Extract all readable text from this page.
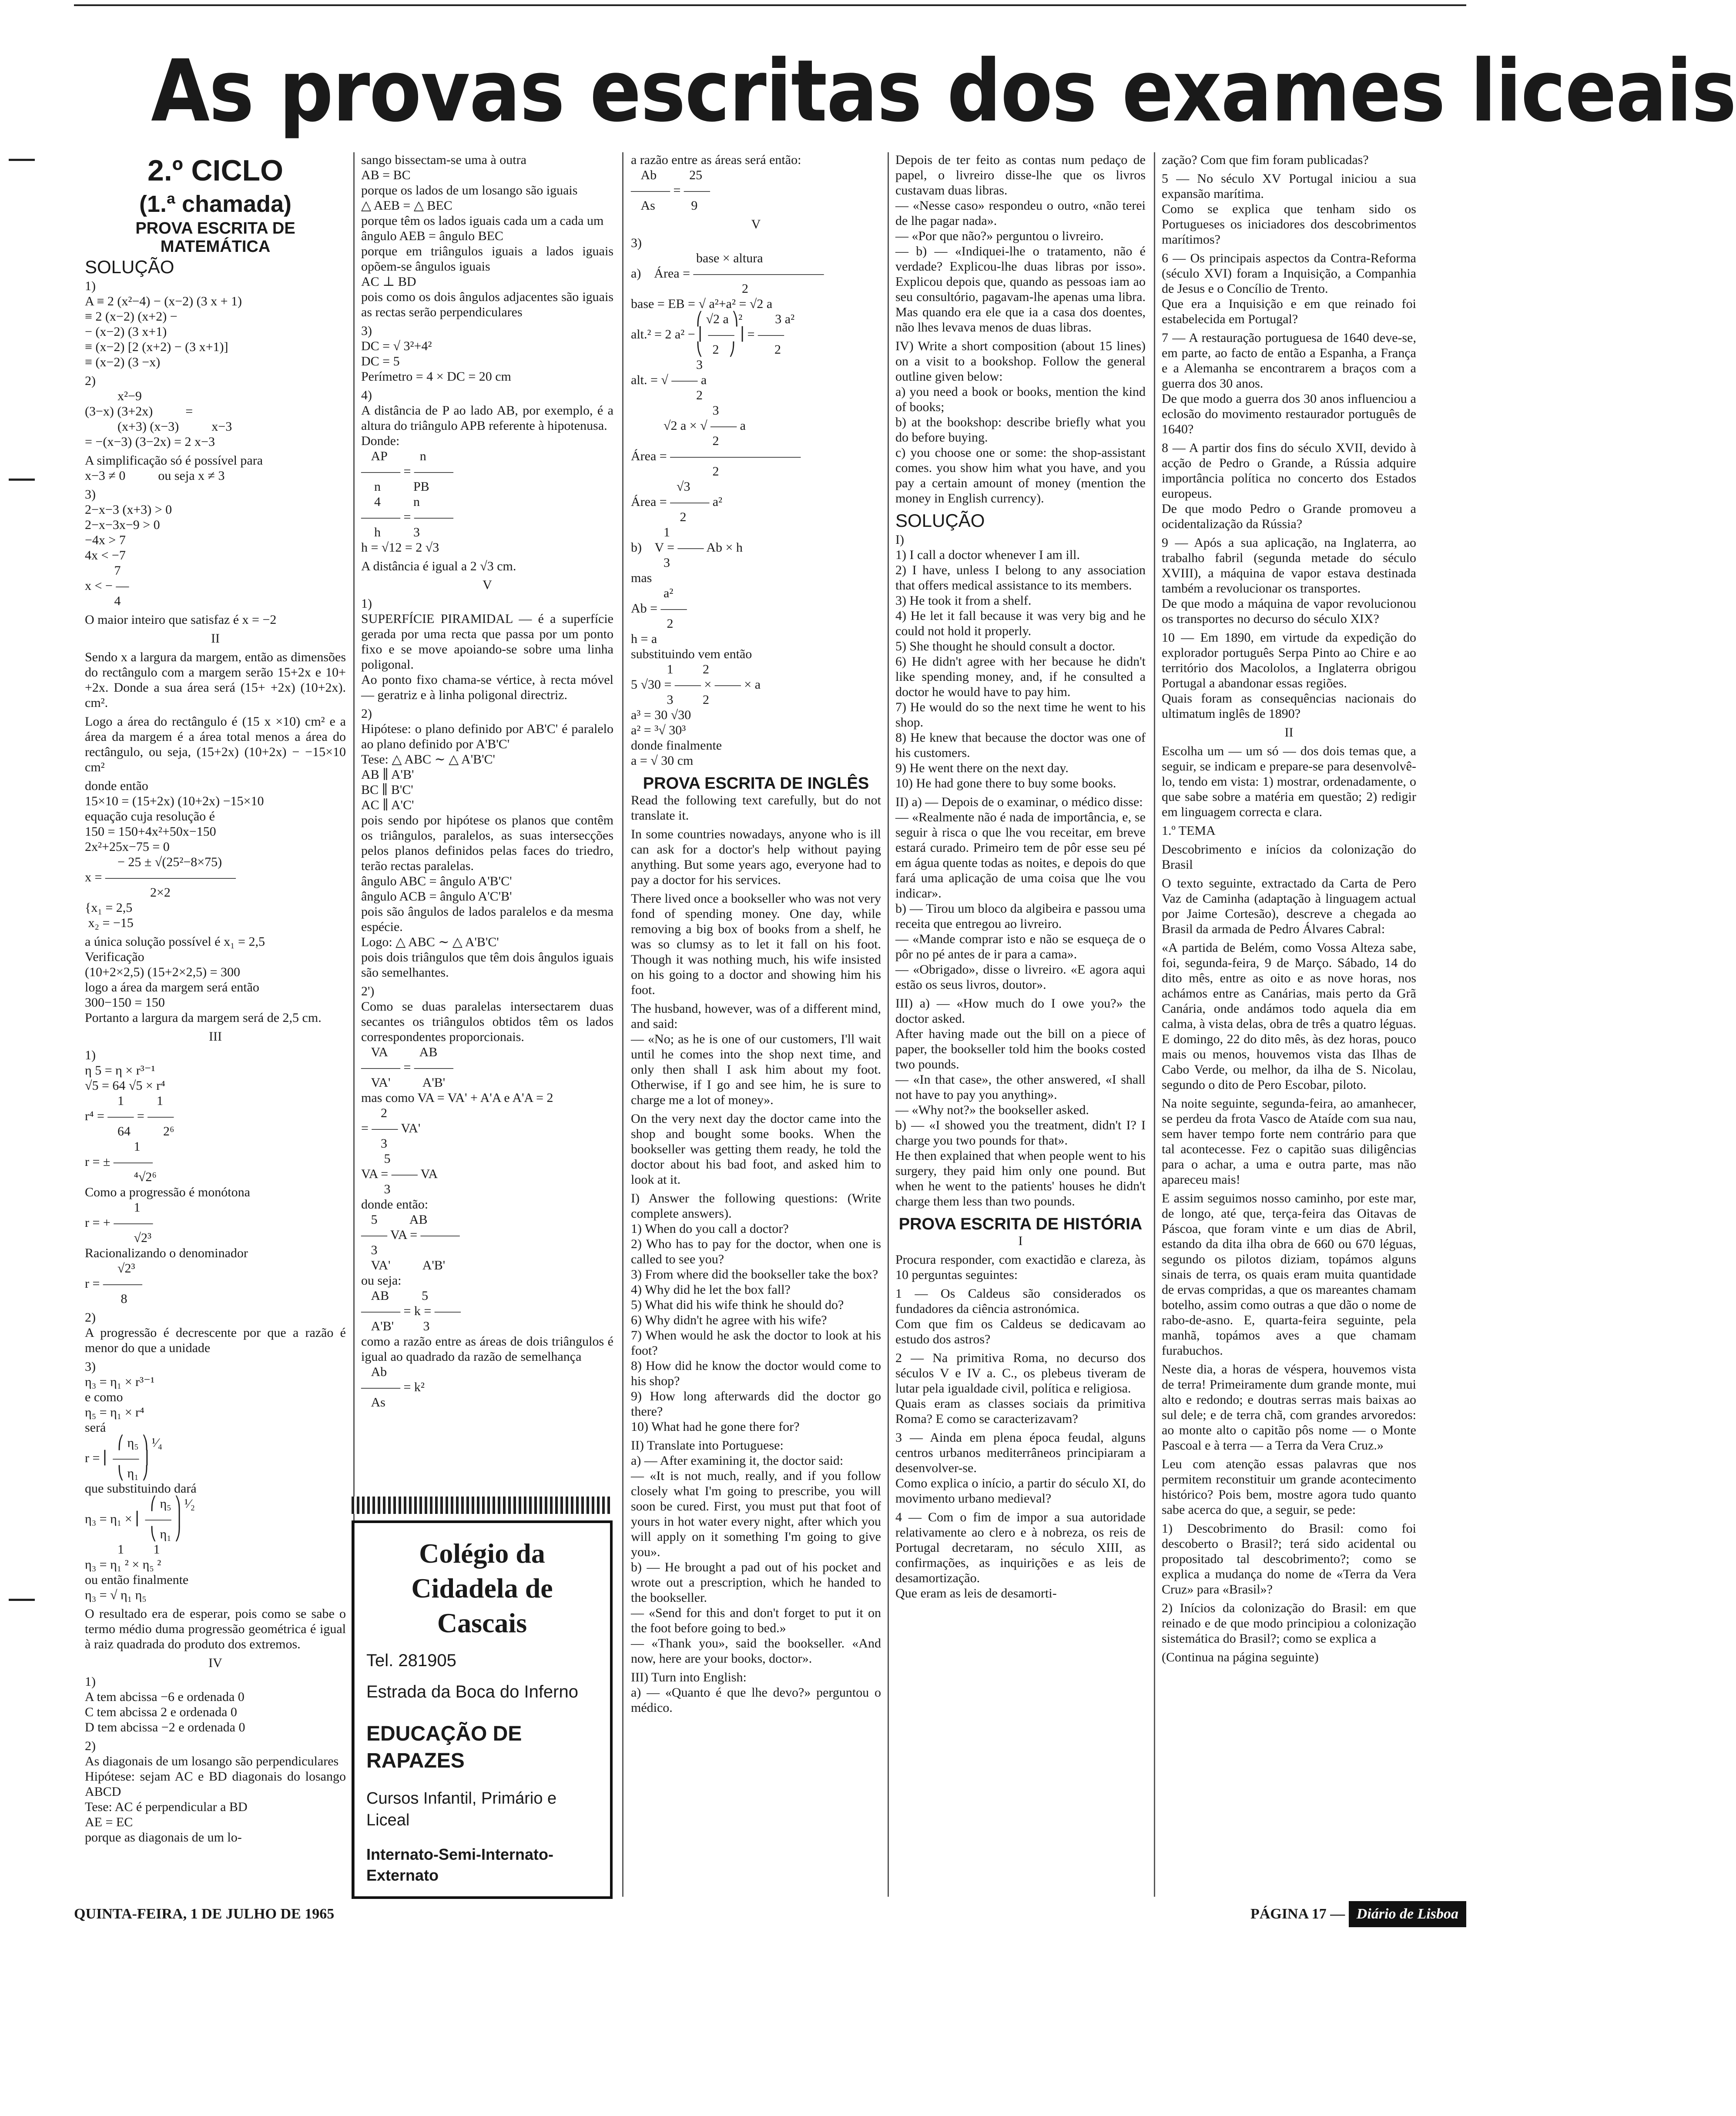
As provas escritas dos exames liceais
2.º CICLO
(1.ª chamada)
PROVA ESCRITA DE MATEMÁTICA
SOLUÇÃO
1)
A ≡ 2 (x²−4) − (x−2) (3 x + 1)
≡ 2 (x−2) (x+2) −
− (x−2) (3 x+1)
≡ (x−2) [2 (x+2) − (3 x+1)]
≡ (x−2) (3 −x)
2)
x²−9
(3−x) (3+2x)          =
(x+3) (x−3)          x−3
= −(x−3) (3−2x) = 2 x−3
A simplificação só é possível para
x−3 ≠ 0          ou seja x ≠ 3
3)
2−x−3 (x+3) > 0
2−x−3x−9 > 0
−4x > 7
4x < −7
7
x < − —
4
O maior inteiro que satisfaz é x = −2
II
Sendo x a largura da margem, então as dimensões do rectângulo com a margem serão 15+2x e 10+ +2x. Donde a sua área será (15+ +2x) (10+2x). cm².
Logo a área do rectângulo é (15 x ×10) cm² e a área da margem é a área total menos a área do rectângulo, ou seja, (15+2x) (10+2x) − −15×10 cm²
donde então
15×10 = (15+2x) (10+2x) −15×10
equação cuja resolução é
150 = 150+4x²+50x−150
2x²+25x−75 = 0
− 25 ± √(25²−8×75)
x = ——————————
2×2
{x₁ = 2,5
x₂ = −15
a única solução possível é x₁ = 2,5
Verificação
(10+2×2,5) (15+2×2,5) = 300
logo a área da margem será então
300−150 = 150
Portanto a largura da margem será de 2,5 cm.
III
1)
η 5 = η × r³⁻¹
√5 = 64 √5 × r⁴
1          1
r⁴ = —— = ——
64          2⁶
1
r = ± ———
⁴√2⁶
Como a progressão é monótona
1
r = + ———
√2³
Racionalizando o denominador
√2³
r = ———
8
2)
A progressão é decrescente por que a razão é menor do que a unidade
3)
η₃ = η₁ × r³⁻¹
e como
η₅ = η₁ × r⁴
será
⎛ η₅ ⎞ ¹⁄₄
r = ⎜ —— ⎟
⎝ η₁ ⎠
que substituindo dará
⎛ η₅ ⎞ ¹⁄₂
η₃ = η₁ × ⎜ —— ⎟
⎝ η₁ ⎠
1         1
η₃ = η₁ ² × η₅ ²
ou então finalmente
η₃ = √ η₁ η₅
O resultado era de esperar, pois como se sabe o termo médio duma progressão geométrica é igual à raiz quadrada do produto dos extremos.
IV
1)
A tem abcissa −6 e ordenada 0
C tem abcissa 2 e ordenada 0
D tem abcissa −2 e ordenada 0
2)
As diagonais de um losango são perpendiculares
Hipótese: sejam AC e BD diagonais do losango ABCD
Tese: AC é perpendicular a BD
AE = EC
porque as diagonais de um lo-
sango bissectam-se uma à outra
AB = BC
porque os lados de um losango são iguais
△ AEB = △ BEC
porque têm os lados iguais cada um a cada um
ângulo AEB = ângulo BEC
porque em triângulos iguais a lados iguais opõem-se ângulos iguais
AC ⊥ BD
pois como os dois ângulos adjacentes são iguais as rectas serão perpendiculares
3)
DC = √ 3²+4²
DC = 5
Perímetro = 4 × DC = 20 cm
4)
A distância de P ao lado AB, por exemplo, é a altura do triângulo APB referente à hipotenusa.
Donde:
AP          n
——— = ———
n          PB
4          n
——— = ———
h          3
h = √12 = 2 √3
A distância é igual a 2 √3 cm.
V
1)
SUPERFÍCIE PIRAMIDAL — é a superfície gerada por uma recta que passa por um ponto fixo e se move apoiando-se sobre uma linha poligonal.
Ao ponto fixo chama-se vértice, à recta móvel — geratriz e à linha poligonal directriz.
2)
Hipótese: o plano definido por AB'C' é paralelo ao plano definido por A'B'C'
Tese: △ ABC ∼ △ A'B'C'
AB ∥ A'B'
BC ∥ B'C'
AC ∥ A'C'
pois sendo por hipótese os planos que contêm os triângulos, paralelos, as suas intersecções pelos planos definidos pelas faces do triedro, terão rectas paralelas.
ângulo ABC = ângulo A'B'C'
ângulo ACB = ângulo A'C'B'
pois são ângulos de lados paralelos e da mesma espécie.
Logo: △ ABC ∼ △ A'B'C'
pois dois triângulos que têm dois ângulos iguais são semelhantes.
2')
Como se duas paralelas intersectarem duas secantes os triângulos obtidos têm os lados correspondentes proporcionais.
VA          AB
——— = ———
VA'          A'B'
mas como VA = VA' + A'A e A'A = 2
2
= —— VA'
3
5
VA = —— VA
3
donde então:
5          AB
—— VA = ———
3
VA'          A'B'
ou seja:
AB          5
——— = k = ——
A'B'         3
como a razão entre as áreas de dois triângulos é igual ao quadrado da razão de semelhança
Ab
——— = k²
As
Colégio da Cidadela de Cascais
Tel. 281905
Estrada da Boca do Inferno
EDUCAÇÃO DE RAPAZES
Cursos Infantil, Primário e Liceal
Internato-Semi-Internato-Externato
a razão entre as áreas será então:
Ab          25
——— = ——
As           9
V
3)
base × altura
a)    Área = ——————————
2
base = EB = √ a²+a² = √2 a
⎛ √2 a ⎞²          3 a²
alt.² = 2 a² − ⎜ —— ⎟ = ——
⎝   2   ⎠            2
3
alt. = √ —— a
2
3
√2 a × √ —— a
2
Área = ——————————
2
√3
Área = ——— a²
2
1
b)    V = —— Ab × h
3
mas
a²
Ab = ——
2
h = a
substituindo vem então
1         2
5 √30 = —— × —— × a
3         2
a³ = 30 √30
a² = ³√ 30³
donde finalmente
a = √ 30 cm
PROVA ESCRITA DE INGLÊS
Read the following text carefully, but do not translate it.
In some countries nowadays, anyone who is ill can ask for a doctor's help without paying anything. But some years ago, everyone had to pay a doctor for his services.
There lived once a bookseller who was not very fond of spending money. One day, while removing a big box of books from a shelf, he was so clumsy as to let it fall on his foot. Though it was nothing much, his wife insisted on his going to a doctor and showing him his foot.
The husband, however, was of a different mind, and said:
— «No; as he is one of our customers, I'll wait until he comes into the shop next time, and only then shall I ask him about my foot. Otherwise, if I go and see him, he is sure to charge me a lot of money».
On the very next day the doctor came into the shop and bought some books. When the bookseller was getting them ready, he told the doctor about his bad foot, and asked him to look at it.
I) Answer the following questions: (Write complete answers).
1) When do you call a doctor?
2) Who has to pay for the doctor, when one is called to see you?
3) From where did the bookseller take the box?
4) Why did he let the box fall?
5) What did his wife think he should do?
6) Why didn't he agree with his wife?
7) When would he ask the doctor to look at his foot?
8) How did he know the doctor would come to his shop?
9) How long afterwards did the doctor go there?
10) What had he gone there for?
II) Translate into Portuguese:
a) — After examining it, the doctor said:
— «It is not much, really, and if you follow closely what I'm going to prescribe, you will soon be cured. First, you must put that foot of yours in hot water every night, after which you will apply on it something I'm going to give you».
b) — He brought a pad out of his pocket and wrote out a prescription, which he handed to the bookseller.
— «Send for this and don't forget to put it on the foot before going to bed.»
— «Thank you», said the bookseller. «And now, here are your books, doctor».
III) Turn into English:
a) — «Quanto é que lhe devo?» perguntou o médico.
Depois de ter feito as contas num pedaço de papel, o livreiro disse-lhe que os livros custavam duas libras.
— «Nesse caso» respondeu o outro, «não terei de lhe pagar nada».
— «Por que não?» perguntou o livreiro.
— b) — «Indiquei-lhe o tratamento, não é verdade? Explicou-lhe duas libras por isso». Explicou depois que, quando as pessoas iam ao seu consultório, pagavam-lhe apenas uma libra. Mas quando era ele que ia a casa dos doentes, não lhes levava menos de duas libras.
IV) Write a short composition (about 15 lines) on a visit to a bookshop. Follow the general outline given below:
a) you need a book or books, mention the kind of books;
b) at the bookshop: describe briefly what you do before buying.
c) you choose one or some: the shop-assistant comes. you show him what you have, and you pay a certain amount of money (mention the money in English currency).
SOLUÇÃO
I)
1) I call a doctor whenever I am ill.
2) I have, unless I belong to any association that offers medical assistance to its members.
3) He took it from a shelf.
4) He let it fall because it was very big and he could not hold it properly.
5) She thought he should consult a doctor.
6) He didn't agree with her because he didn't like spending money, and, if he consulted a doctor he would have to pay him.
7) He would do so the next time he went to his shop.
8) He knew that because the doctor was one of his customers.
9) He went there on the next day.
10) He had gone there to buy some books.
II) a) — Depois de o examinar, o médico disse:
— «Realmente não é nada de importância, e, se seguir à risca o que lhe vou receitar, em breve estará curado. Primeiro tem de pôr esse seu pé em água quente todas as noites, e depois do que fará uma aplicação de uma coisa que lhe vou indicar».
b) — Tirou um bloco da algibeira e passou uma receita que entregou ao livreiro.
— «Mande comprar isto e não se esqueça de o pôr no pé antes de ir para a cama».
— «Obrigado», disse o livreiro. «E agora aqui estão os seus livros, doutor».
III) a) — «How much do I owe you?» the doctor asked.
After having made out the bill on a piece of paper, the bookseller told him the books costed two pounds.
— «In that case», the other answered, «I shall not have to pay you anything».
— «Why not?» the bookseller asked.
b) — «I showed you the treatment, didn't I? I charge you two pounds for that».
He then explained that when people went to his surgery, they paid him only one pound. But when he went to the patients' houses he didn't charge them less than two pounds.
PROVA ESCRITA DE HISTÓRIA
I
Procura responder, com exactidão e clareza, às 10 perguntas seguintes:
1 — Os Caldeus são considerados os fundadores da ciência astronómica.
Com que fim os Caldeus se dedicavam ao estudo dos astros?
2 — Na primitiva Roma, no decurso dos séculos V e IV a. C., os plebeus tiveram de lutar pela igualdade civil, política e religiosa.
Quais eram as classes sociais da primitiva Roma? E como se caracterizavam?
3 — Ainda em plena época feudal, alguns centros urbanos mediterrâneos principiaram a desenvolver-se.
Como explica o início, a partir do século XI, do movimento urbano medieval?
4 — Com o fim de impor a sua autoridade relativamente ao clero e à nobreza, os reis de Portugal decretaram, no século XIII, as confirmações, as inquirições e as leis de desamortização.
Que eram as leis de desamorti-
zação? Com que fim foram publicadas?
5 — No século XV Portugal iniciou a sua expansão marítima.
Como se explica que tenham sido os Portugueses os iniciadores dos descobrimentos marítimos?
6 — Os principais aspectos da Contra-Reforma (século XVI) foram a Inquisição, a Companhia de Jesus e o Concílio de Trento.
Que era a Inquisição e em que reinado foi estabelecida em Portugal?
7 — A restauração portuguesa de 1640 deve-se, em parte, ao facto de então a Espanha, a França e a Alemanha se encontrarem a braços com a guerra dos 30 anos.
De que modo a guerra dos 30 anos influenciou a eclosão do movimento restaurador português de 1640?
8 — A partir dos fins do século XVII, devido à acção de Pedro o Grande, a Rússia adquire importância política no concerto dos Estados europeus.
De que modo Pedro o Grande promoveu a ocidentalização da Rússia?
9 — Após a sua aplicação, na Inglaterra, ao trabalho fabril (segunda metade do século XVIII), a máquina de vapor estava destinada também a revolucionar os transportes.
De que modo a máquina de vapor revolucionou os transportes no decurso do século XIX?
10 — Em 1890, em virtude da expedição do explorador português Serpa Pinto ao Chire e ao território dos Macololos, a Inglaterra obrigou Portugal a abandonar essas regiões.
Quais foram as consequências nacionais do ultimatum inglês de 1890?
II
Escolha um — um só — dos dois temas que, a seguir, se indicam e prepare-se para desenvolvê-lo, tendo em vista: 1) mostrar, ordenadamente, o que sabe sobre a matéria em questão; 2) redigir em linguagem correcta e clara.
1.º TEMA
Descobrimento e inícios da colonização do Brasil
O texto seguinte, extractado da Carta de Pero Vaz de Caminha (adaptação à linguagem actual por Jaime Cortesão), descreve a chegada ao Brasil da armada de Pedro Álvares Cabral:
«A partida de Belém, como Vossa Alteza sabe, foi, segunda-feira, 9 de Março. Sábado, 14 do dito mês, entre as oito e as nove horas, nos achámos entre as Canárias, mais perto da Grã Canária, onde andámos todo aquela dia em calma, à vista delas, obra de três a quatro léguas. E domingo, 22 do dito mês, às dez horas, pouco mais ou menos, houvemos vista das Ilhas de Cabo Verde, ou melhor, da ilha de S. Nicolau, segundo o dito de Pero Escobar, piloto.
Na noite seguinte, segunda-feira, ao amanhecer, se perdeu da frota Vasco de Ataíde com sua nau, sem haver tempo forte nem contrário para que tal acontecesse. Fez o capitão suas diligências para o achar, a uma e outra parte, mas não apareceu mais!
E assim seguimos nosso caminho, por este mar, de longo, até que, terça-feira das Oitavas de Páscoa, que foram vinte e um dias de Abril, estando da dita ilha obra de 660 ou 670 léguas, segundo os pilotos diziam, topámos alguns sinais de terra, os quais eram muita quantidade de ervas compridas, a que os mareantes chamam botelho, assim como outras a que dão o nome de rabo-de-asno. E, quarta-feira seguinte, pela manhã, topámos aves a que chamam furabuchos.
Neste dia, a horas de véspera, houvemos vista de terra! Primeiramente dum grande monte, mui alto e redondo; e doutras serras mais baixas ao sul dele; e de terra chã, com grandes arvoredos: ao monte alto o capitão pôs nome — o Monte Pascoal e à terra — a Terra da Vera Cruz.»
Leu com atenção essas palavras que nos permitem reconstituir um grande acontecimento histórico? Pois bem, mostre agora tudo quanto sabe acerca do que, a seguir, se pede:
1) Descobrimento do Brasil: como foi descoberto o Brasil?; terá sido acidental ou propositado tal descobrimento?; como se explica a mudança do nome de «Terra da Vera Cruz» para «Brasil»?
2) Inícios da colonização do Brasil: em que reinado e de que modo principiou a colonização sistemática do Brasil?; como se explica a
(Continua na página seguinte)
QUINTA-FEIRA, 1 DE JULHO DE 1965	PÁGINA 17 — Diário de Lisboa
